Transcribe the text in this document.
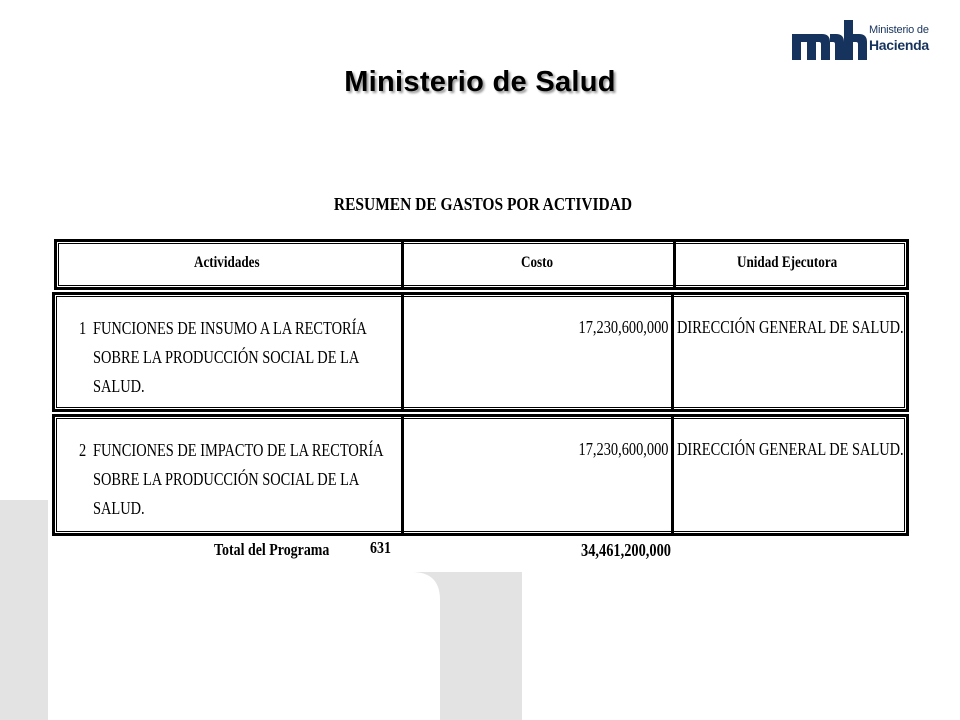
Ministerio de
Hacienda
Ministerio de Salud
RESUMEN DE GASTOS POR ACTIVIDAD
Actividades	Costo	Unidad Ejecutora
1 FUNCIONES DE INSUMO A LA RECTORÍA
SOBRE LA PRODUCCIÓN SOCIAL DE LA
SALUD.
17,230,600,000 DIRECCIÓN GENERAL DE SALUD.
2 FUNCIONES DE IMPACTO DE LA RECTORÍA
SOBRE LA PRODUCCIÓN SOCIAL DE LA
SALUD.
17,230,600,000 DIRECCIÓN GENERAL DE SALUD.
Total del Programa 631	34,461,200,000
